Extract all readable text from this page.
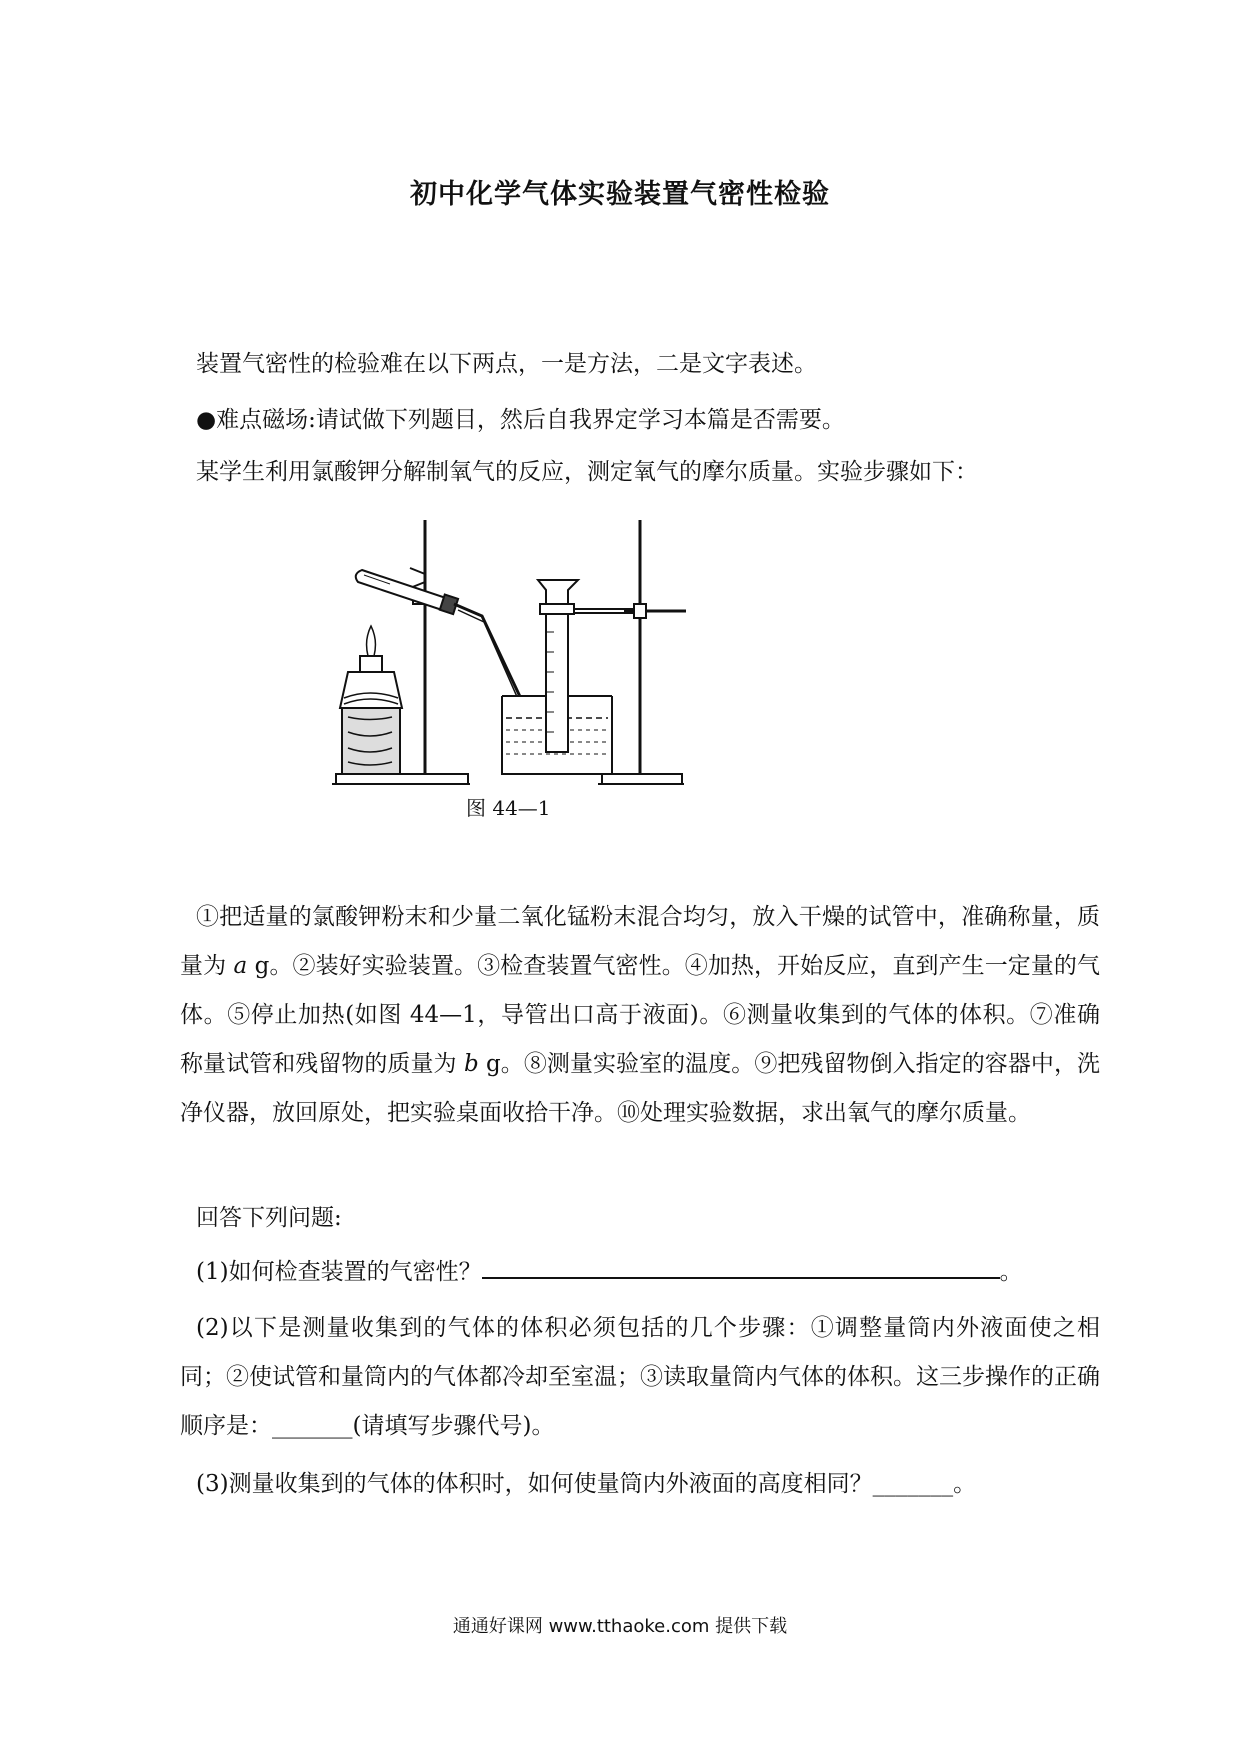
初中化学气体实验装置气密性检验
装置气密性的检验难在以下两点，一是方法，二是文字表述。
●难点磁场:请试做下列题目，然后自我界定学习本篇是否需要。
某学生利用氯酸钾分解制氧气的反应，测定氧气的摩尔质量。实验步骤如下：
图 44—1
①把适量的氯酸钾粉末和少量二氧化锰粉末混合均匀，放入干燥的试管中，准确称量，质量为 a g。②装好实验装置。③检查装置气密性。④加热，开始反应，直到产生一定量的气体。⑤停止加热(如图 44—1，导管出口高于液面)。⑥测量收集到的气体的体积。⑦准确称量试管和残留物的质量为 b g。⑧测量实验室的温度。⑨把残留物倒入指定的容器中，洗净仪器，放回原处，把实验桌面收拾干净。⑩处理实验数据，求出氧气的摩尔质量。
回答下列问题:
(1)如何检查装置的气密性？	。
(2)以下是测量收集到的气体的体积必须包括的几个步骤：①调整量筒内外液面使之相同；②使试管和量筒内的气体都冷却至室温；③读取量筒内气体的体积。这三步操作的正确顺序是：_______(请填写步骤代号)。
(3)测量收集到的气体的体积时，如何使量筒内外液面的高度相同？_______。
通通好课网 www.tthaoke.com 提供下载
